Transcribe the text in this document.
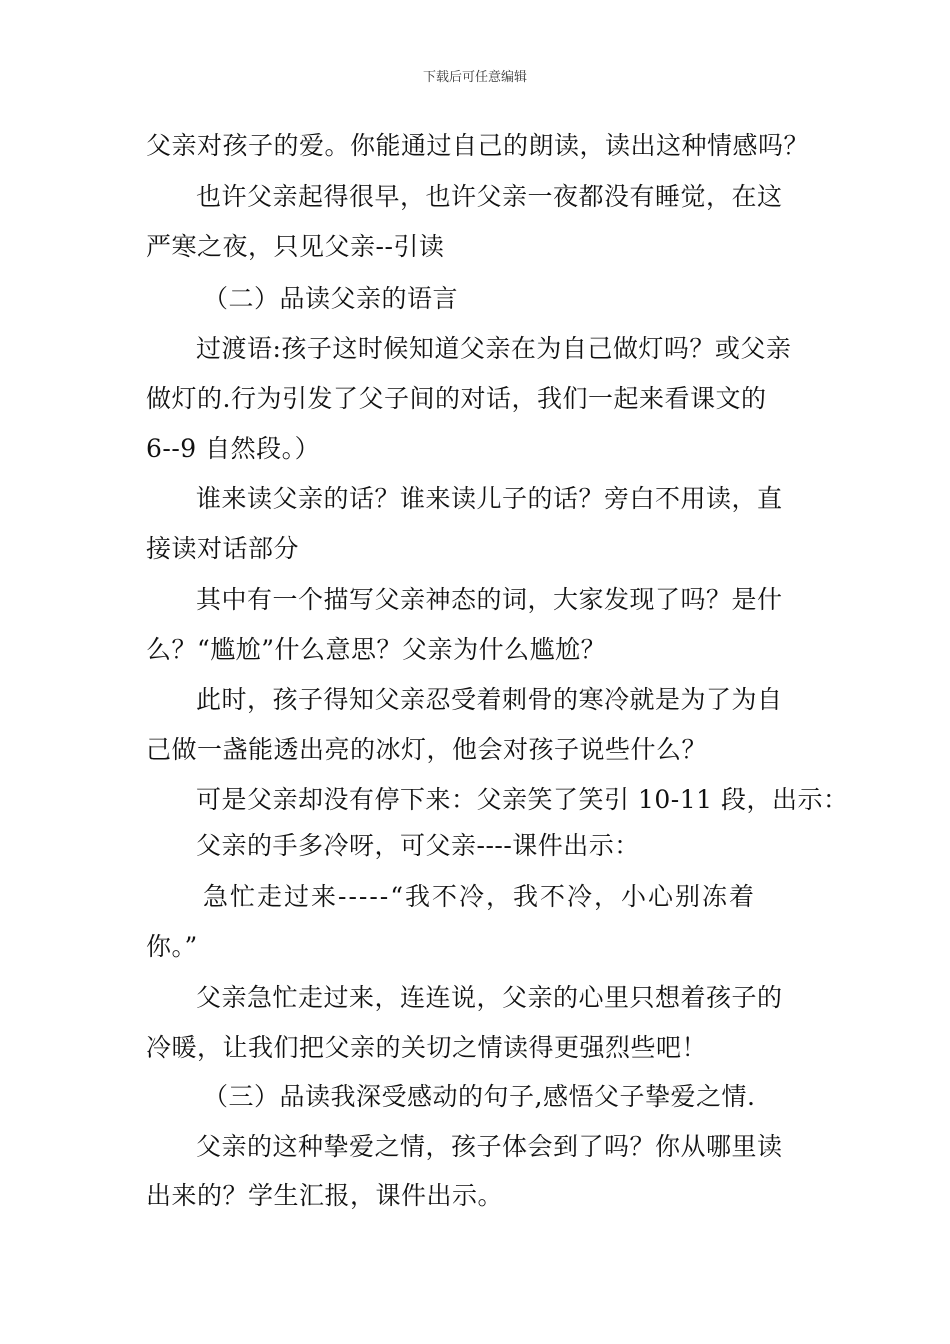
下载后可任意编辑
父亲对孩子的爱。你能通过自己的朗读，读出这种情感吗？
也许父亲起得很早，也许父亲一夜都没有睡觉，在这
严寒之夜，只见父亲--引读
（二）品读父亲的语言
过渡语:孩子这时候知道父亲在为自己做灯吗？或父亲
做灯的.行为引发了父子间的对话，我们一起来看课文的
6--9 自然段。）
谁来读父亲的话？谁来读儿子的话？旁白不用读，直
接读对话部分
其中有一个描写父亲神态的词，大家发现了吗？是什
么？“尴尬”什么意思？父亲为什么尴尬？
此时，孩子得知父亲忍受着刺骨的寒冷就是为了为自
己做一盏能透出亮的冰灯，他会对孩子说些什么？
可是父亲却没有停下来：父亲笑了笑引 10-11 段，出示：
父亲的手多冷呀，可父亲----课件出示：
急忙走过来-----“我不冷，我不冷，小心别冻着
你。”
父亲急忙走过来，连连说，父亲的心里只想着孩子的
冷暖，让我们把父亲的关切之情读得更强烈些吧！
（三）品读我深受感动的句子,感悟父子挚爱之情.
父亲的这种挚爱之情，孩子体会到了吗？你从哪里读
出来的？学生汇报，课件出示。
